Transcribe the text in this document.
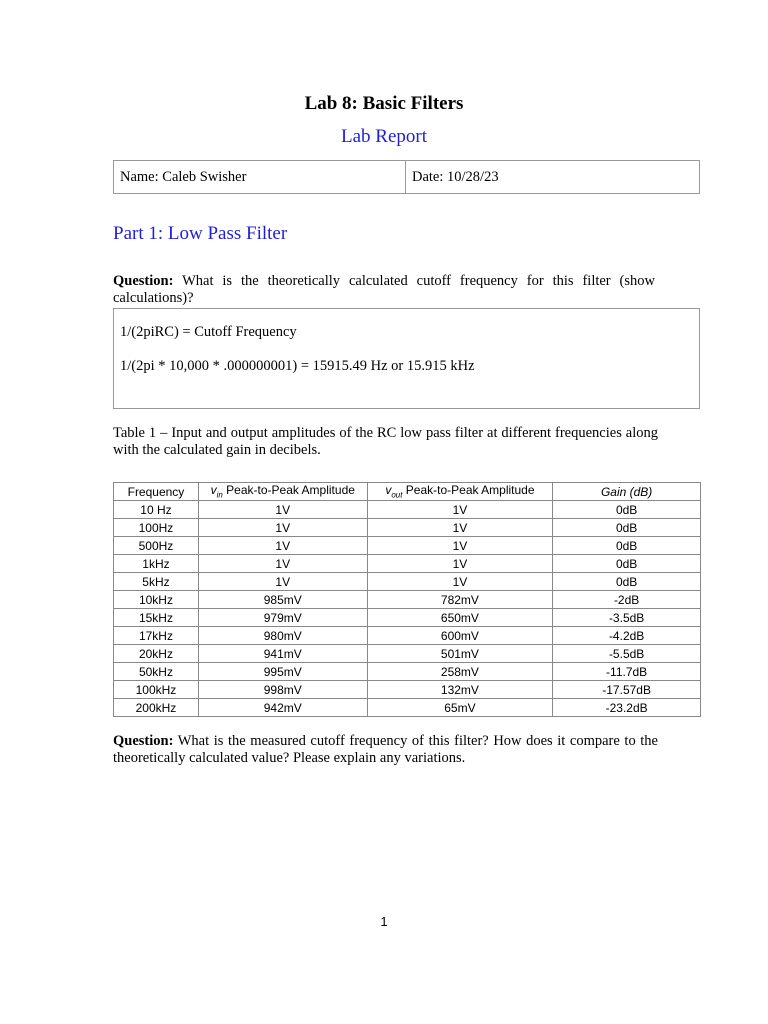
Lab 8: Basic Filters
Lab Report
Name: Caleb Swisher	Date: 10/28/23
Part 1: Low Pass Filter
Question: What is the theoretically calculated cutoff frequency for this filter (show calculations)?

1/(2piRC) = Cutoff Frequency

1/(2pi * 10,000 * .000000001) = 15915.49 Hz or 15.915 kHz

Table 1 – Input and output amplitudes of the RC low pass filter at different frequencies along with the calculated gain in decibels.
Frequency	$v_{in}$ Peak-to-Peak Amplitude	$v_{out}$ Peak-to-Peak Amplitude	Gain (dB)
10 Hz	1V	1V	0dB
100Hz	1V	1V	0dB
500Hz	1V	1V	0dB
1kHz	1V	1V	0dB
5kHz	1V	1V	0dB
10kHz	985mV	782mV	-2dB
15kHz	979mV	650mV	-3.5dB
17kHz	980mV	600mV	-4.2dB
20kHz	941mV	501mV	-5.5dB
50kHz	995mV	258mV	-11.7dB
100kHz	998mV	132mV	-17.57dB
200kHz	942mV	65mV	-23.2dB
Question: What is the measured cutoff frequency of this filter? How does it compare to the theoretically calculated value? Please explain any variations.
1
